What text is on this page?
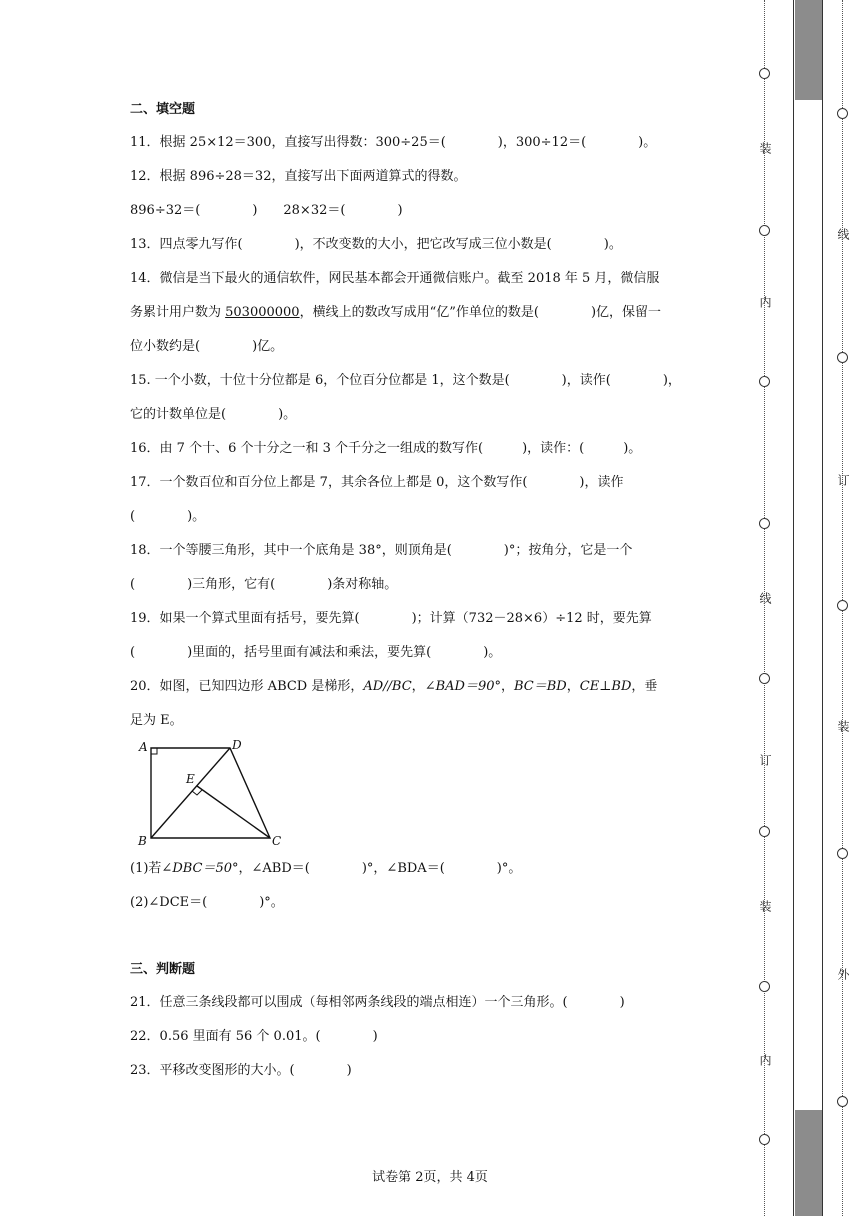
二、填空题
11．根据 25×12＝300，直接写出得数：300÷25＝(　　　　)，300÷12＝(　　　　)。
12．根据 896÷28＝32，直接写出下面两道算式的得数。
896÷32＝(　　　　)　　28×32＝(　　　　)
13．四点零九写作(　　　　)，不改变数的大小，把它改写成三位小数是(　　　　)。
14．微信是当下最火的通信软件，网民基本都会开通微信账户。截至 2018 年 5 月，微信服
务累计用户数为 503000000，横线上的数改写成用“亿”作单位的数是(　　　　)亿，保留一
位小数约是(　　　　)亿。
15. 一个小数，十位十分位都是 6，个位百分位都是 1，这个数是(　　　　)，读作(　　　　)，
它的计数单位是(　　　　)。
16．由 7 个十、6 个十分之一和 3 个千分之一组成的数写作(　　　)，读作：(　　　)。
17．一个数百位和百分位上都是 7，其余各位上都是 0，这个数写作(　　　　)，读作
(　　　　)。
18．一个等腰三角形，其中一个底角是 38°，则顶角是(　　　　)°；按角分，它是一个
(　　　　)三角形，它有(　　　　)条对称轴。
19．如果一个算式里面有括号，要先算(　　　　)；计算（732－28×6）÷12 时，要先算
(　　　　)里面的，括号里面有减法和乘法，要先算(　　　　)。
20．如图，已知四边形 ABCD 是梯形，AD//BC，∠BAD＝90°，BC＝BD，CE⊥BD，垂
足为 E。
A	D
E
B	C
(1)若∠DBC＝50°，∠ABD＝(　　　　)°，∠BDA＝(　　　　)°。
(2)∠DCE＝(　　　　)°。
三、判断题
21．任意三条线段都可以围成（每相邻两条线段的端点相连）一个三角形。(　　　　)
22．0.56 里面有 56 个 0.01。(　　　　)
23．平移改变图形的大小。(　　　　)
试卷第 2页，共 4页
装
内
线
订
装
内
线
订
装
外
